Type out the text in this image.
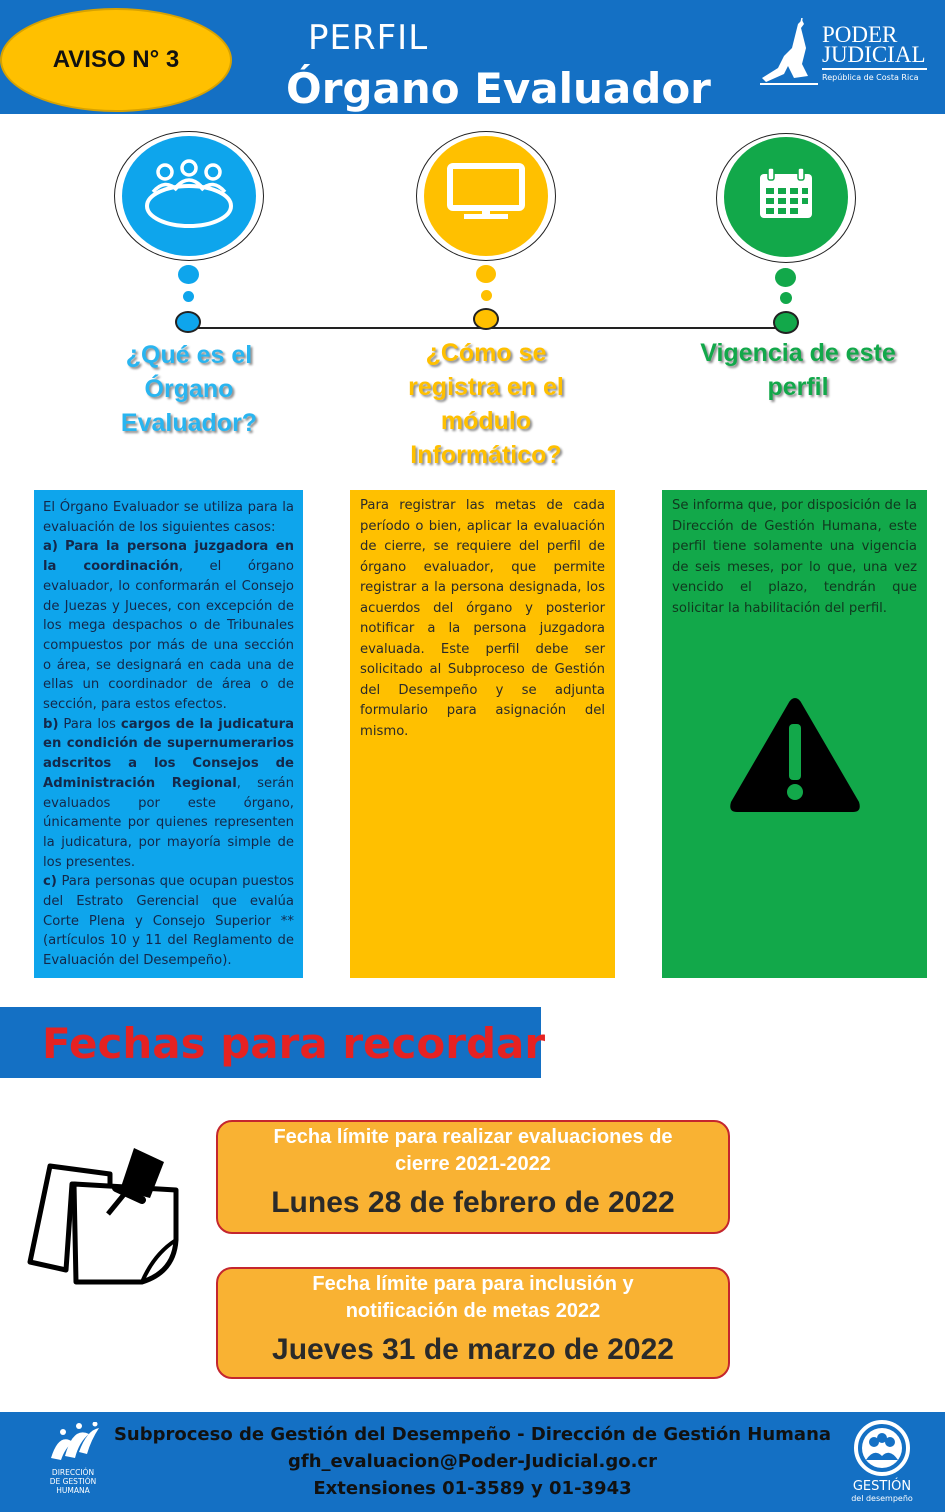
AVISO N° 3
PERFIL
Órgano Evaluador
PODER
JUDICIAL
República de Costa Rica
¿Qué es el Órgano Evaluador?
¿Cómo se registra en el módulo Informático?
Vigencia de este perfil

El Órgano Evaluador se utiliza para la evaluación de los siguientes casos:

a) Para la persona juzgadora en la coordinación, el órgano evaluador, lo conformarán el Consejo de Juezas y Jueces, con excepción de los mega despachos o de Tribunales compuestos por más de una sección o área, se designará en cada una de ellas un coordinador de área o de sección, para estos efectos.

b) Para los cargos de la judicatura en condición de supernumerarios adscritos a los Consejos de Administración Regional, serán evaluados por este órgano, únicamente por quienes representen la judicatura, por mayoría simple de los presentes.

c) Para personas que ocupan puestos del Estrato Gerencial que evalúa Corte Plena y Consejo Superior **(artículos 10 y 11 del Reglamento de Evaluación del Desempeño).

Para registrar las metas de cada período o bien, aplicar la evaluación de cierre, se requiere del perfil de órgano evaluador, que permite registrar a la persona designada, los acuerdos del órgano y posterior notificar a la persona juzgadora evaluada. Este perfil debe ser solicitado al Subproceso de Gestión del Desempeño y se adjunta formulario para asignación del mismo.

Se informa que, por disposición de la Dirección de Gestión Humana, este perfil tiene solamente una vigencia de seis meses, por lo que, una vez vencido el plazo, tendrán que solicitar la habilitación del perfil.

Fechas para recordar
Fecha límite para realizar evaluaciones de cierre 2021-2022
Lunes 28 de febrero de 2022
Fecha límite para para inclusión y notificación de metas 2022
Jueves 31 de marzo de 2022
Subproceso de Gestión del Desempeño - Dirección de Gestión Humana
gfh_evaluacion@Poder-Judicial.go.cr
Extensiones 01-3589 y 01-3943
DIRECCIÓN
DE GESTIÓN
HUMANA	GESTIÓN
del desempeño
